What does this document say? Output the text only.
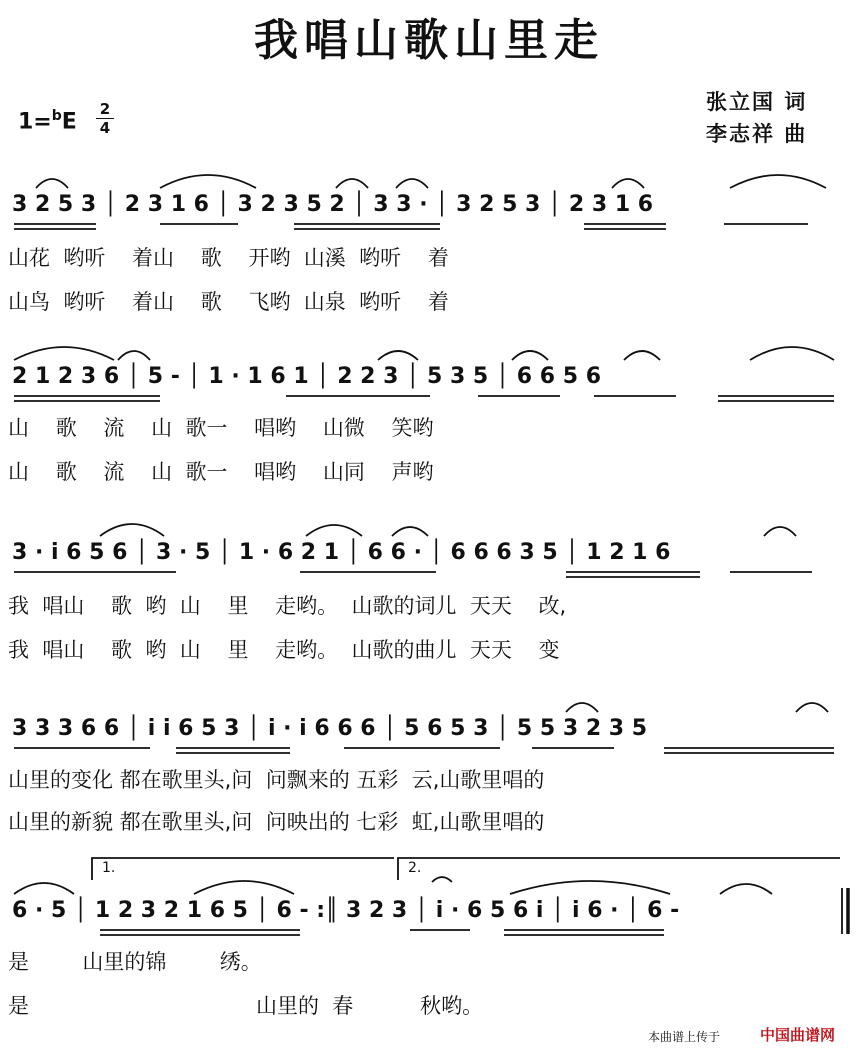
我唱山歌山里走
1=$^b$E
2
4
张立国 词
李志祥 曲
3 2 5 3 │ 2 3 1 6 │ 3 2 3 5 2 │ 3 3 · │ 3 2 5 3 │ 2 3 1 6
山花  哟听    着山    歌    开哟  山溪  哟听    着
山鸟  哟听    着山    歌    飞哟  山泉  哟听    着
2 1 2 3 6 │ 5 - │ 1 · 1 6 1 │ 2 2 3 │ 5 3 5 │ 6 6 5 6
山    歌    流    山  歌一    唱哟    山微    笑哟
山    歌    流    山  歌一    唱哟    山同    声哟
3 · i 6 5 6 │ 3 · 5 │ 1 · 6 2 1 │ 6 6 · │ 6 6 6 3 5 │ 1 2 1 6
我  唱山    歌  哟  山    里    走哟。  山歌的词儿  天天    改,
我  唱山    歌  哟  山    里    走哟。  山歌的曲儿  天天    变
3 3 3 6 6 │ i i 6 5 3 │ i · i 6 6 6 │ 5 6 5 3 │ 5 5 3 2 3 5
山里的变化 都在歌里头,问  问飘来的 五彩  云,山歌里唱的
山里的新貌 都在歌里头,问  问映出的 七彩  虹,山歌里唱的
6 · 5 │ 1 2 3 2 1 6 5 │ 6 - :║ 3 2 3 │ i · 6 5 6 i │ i 6 · │ 6 -
是        山里的锦        绣。
是                                  山里的  春          秋哟。
1.	2.
本曲谱上传于	中国曲谱网
